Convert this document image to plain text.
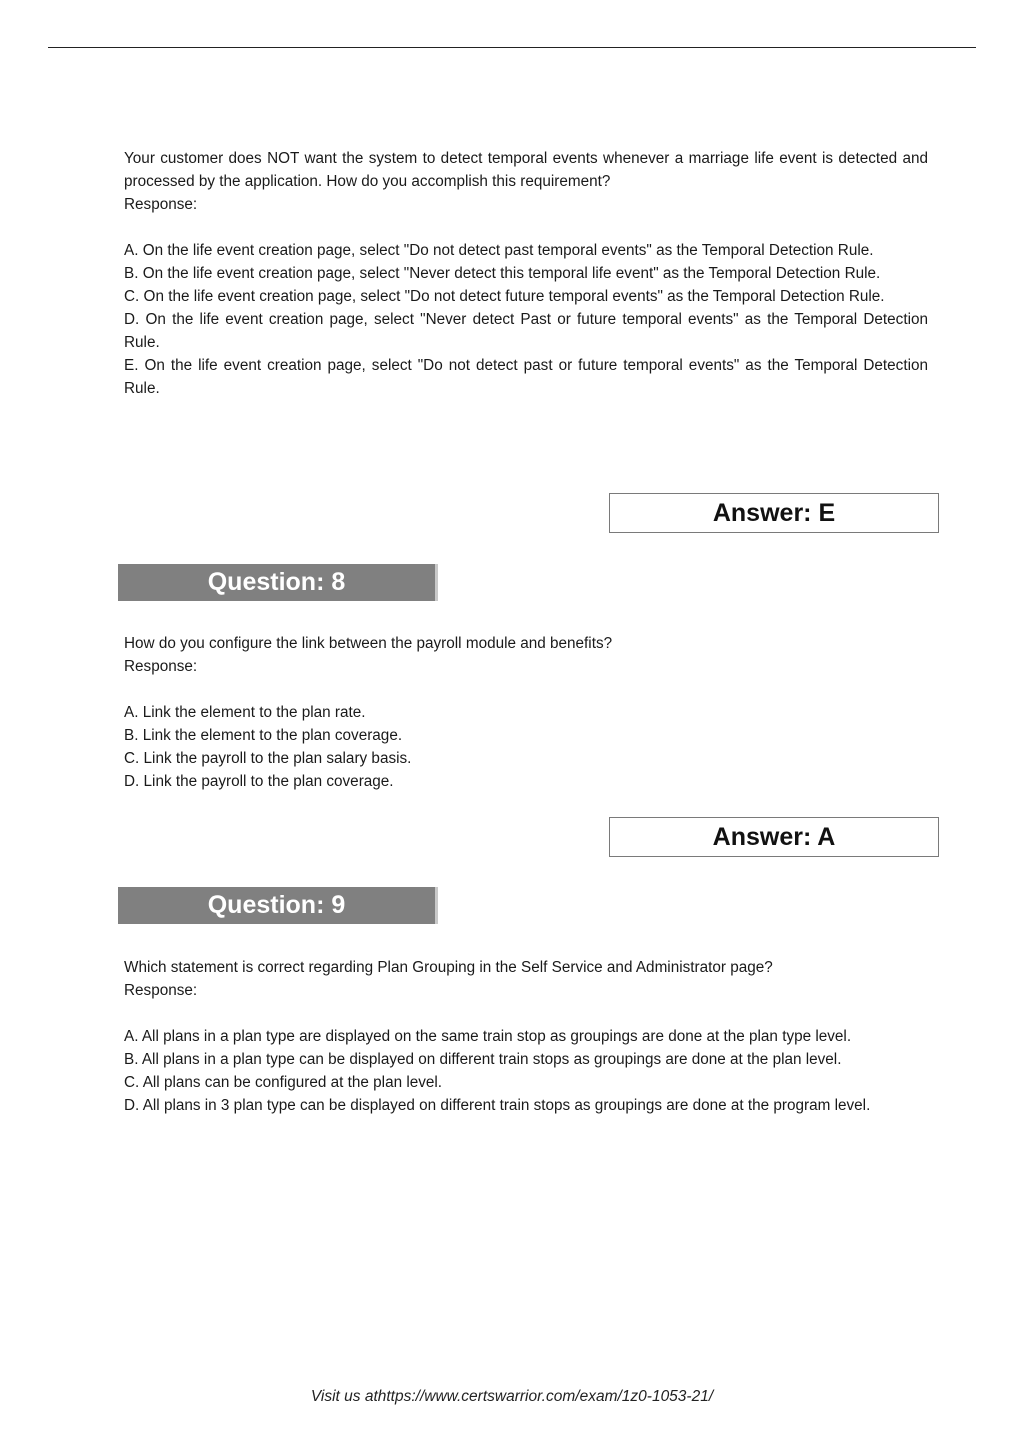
Your customer does NOT want the system to detect temporal events whenever a marriage life event is detected and processed by the application. How do you accomplish this requirement?

Response:

A. On the life event creation page, select "Do not detect past temporal events" as the Temporal Detection Rule.

B. On the life event creation page, select "Never detect this temporal life event" as the Temporal Detection Rule.

C. On the life event creation page, select "Do not detect future temporal events" as the Temporal Detection Rule.

D. On the life event creation page, select "Never detect Past or future temporal events" as the Temporal Detection Rule.

E. On the life event creation page, select "Do not detect past or future temporal events" as the Temporal Detection Rule.

Answer: E
Question: 8

How do you configure the link between the payroll module and benefits?

Response:

A. Link the element to the plan rate.

B. Link the element to the plan coverage.

C. Link the payroll to the plan salary basis.

D. Link the payroll to the plan coverage.

Answer: A
Question: 9

Which statement is correct regarding Plan Grouping in the Self Service and Administrator page?

Response:

A. All plans in a plan type are displayed on the same train stop as groupings are done at the plan type level.

B. All plans in a plan type can be displayed on different train stops as groupings are done at the plan level.

C. All plans can be configured at the plan level.

D. All plans in 3 plan type can be displayed on different train stops as groupings are done at the program level.

Visit us athttps://www.certswarrior.com/exam/1z0-1053-21/
